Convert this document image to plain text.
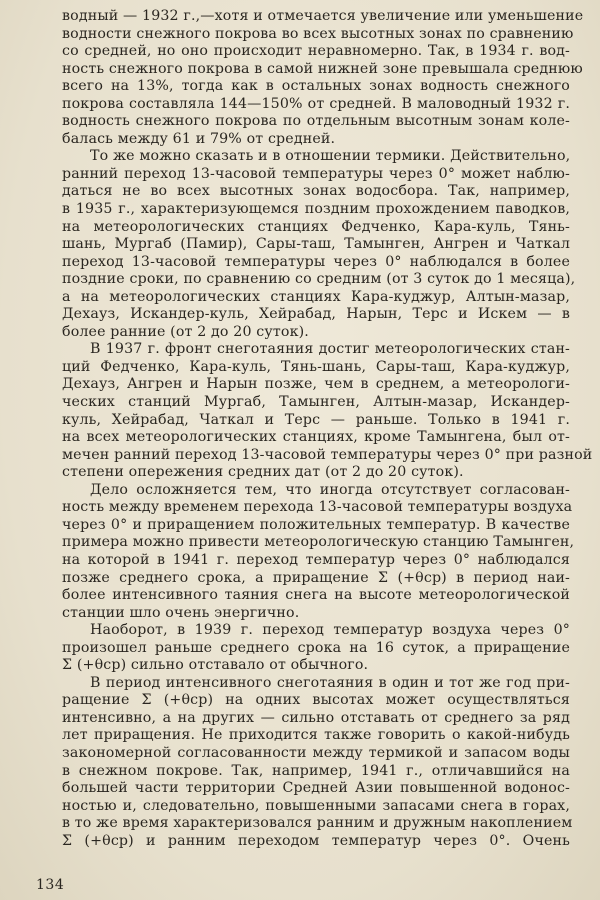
водный — 1932 г.,—хотя и отмечается увеличение или уменьшение
водности снежного покрова во всех высотных зонах по сравнению
со средней, но оно происходит неравномерно. Так, в 1934 г. вод-
ность снежного покрова в самой нижней зоне превышала среднюю
всего на 13%, тогда как в остальных зонах водность снежного
покрова составляла 144—150% от средней. В маловодный 1932 г.
водность снежного покрова по отдельным высотным зонам коле-
балась между 61 и 79% от средней.
То же можно сказать и в отношении термики. Действительно,
ранний переход 13-часовой температуры через 0° может наблю-
даться не во всех высотных зонах водосбора. Так, например,
в 1935 г., характеризующемся поздним прохождением паводков,
на метеорологических станциях Федченко, Кара-куль, Тянь-
шань, Мургаб (Памир), Сары-таш, Тамынген, Ангрен и Чаткал
переход 13-часовой температуры через 0° наблюдался в более
поздние сроки, по сравнению со средним (от 3 суток до 1 месяца),
а на метеорологических станциях Кара-куджур, Алтын-мазар,
Дехауз, Искандер-куль, Хейрабад, Нарын, Терс и Искем — в
более ранние (от 2 до 20 суток).
В 1937 г. фронт снеготаяния достиг метеорологических стан-
ций Федченко, Кара-куль, Тянь-шань, Сары-таш, Кара-куджур,
Дехауз, Ангрен и Нарын позже, чем в среднем, а метеорологи-
ческих станций Мургаб, Тамынген, Алтын-мазар, Искандер-
куль, Хейрабад, Чаткал и Терс — раньше. Только в 1941 г.
на всех метеорологических станциях, кроме Тамынгена, был от-
мечен ранний переход 13-часовой температуры через 0° при разной
степени опережения средних дат (от 2 до 20 суток).
Дело осложняется тем, что иногда отсутствует согласован-
ность между временем перехода 13-часовой температуры воздуха
через 0° и приращением положительных температур. В качестве
примера можно привести метеорологическую станцию Тамынген,
на которой в 1941 г. переход температур через 0° наблюдался
позже среднего срока, а приращение Σ (+θср) в период наи-
более интенсивного таяния снега на высоте метеорологической
станции шло очень энергично.
Наоборот, в 1939 г. переход температур воздуха через 0°
произошел раньше среднего срока на 16 суток, а приращение
Σ (+θср) сильно отставало от обычного.
В период интенсивного снеготаяния в один и тот же год при-
ращение Σ (+θср) на одних высотах может осуществляться
интенсивно, а на других — сильно отставать от среднего за ряд
лет приращения. Не приходится также говорить о какой-нибудь
закономерной согласованности между термикой и запасом воды
в снежном покрове. Так, например, 1941 г., отличавшийся на
большей части территории Средней Азии повышенной водонос-
ностью и, следовательно, повышенными запасами снега в горах,
в то же время характеризовался ранним и дружным накоплением
Σ (+θср) и ранним переходом температур через 0°. Очень
134
